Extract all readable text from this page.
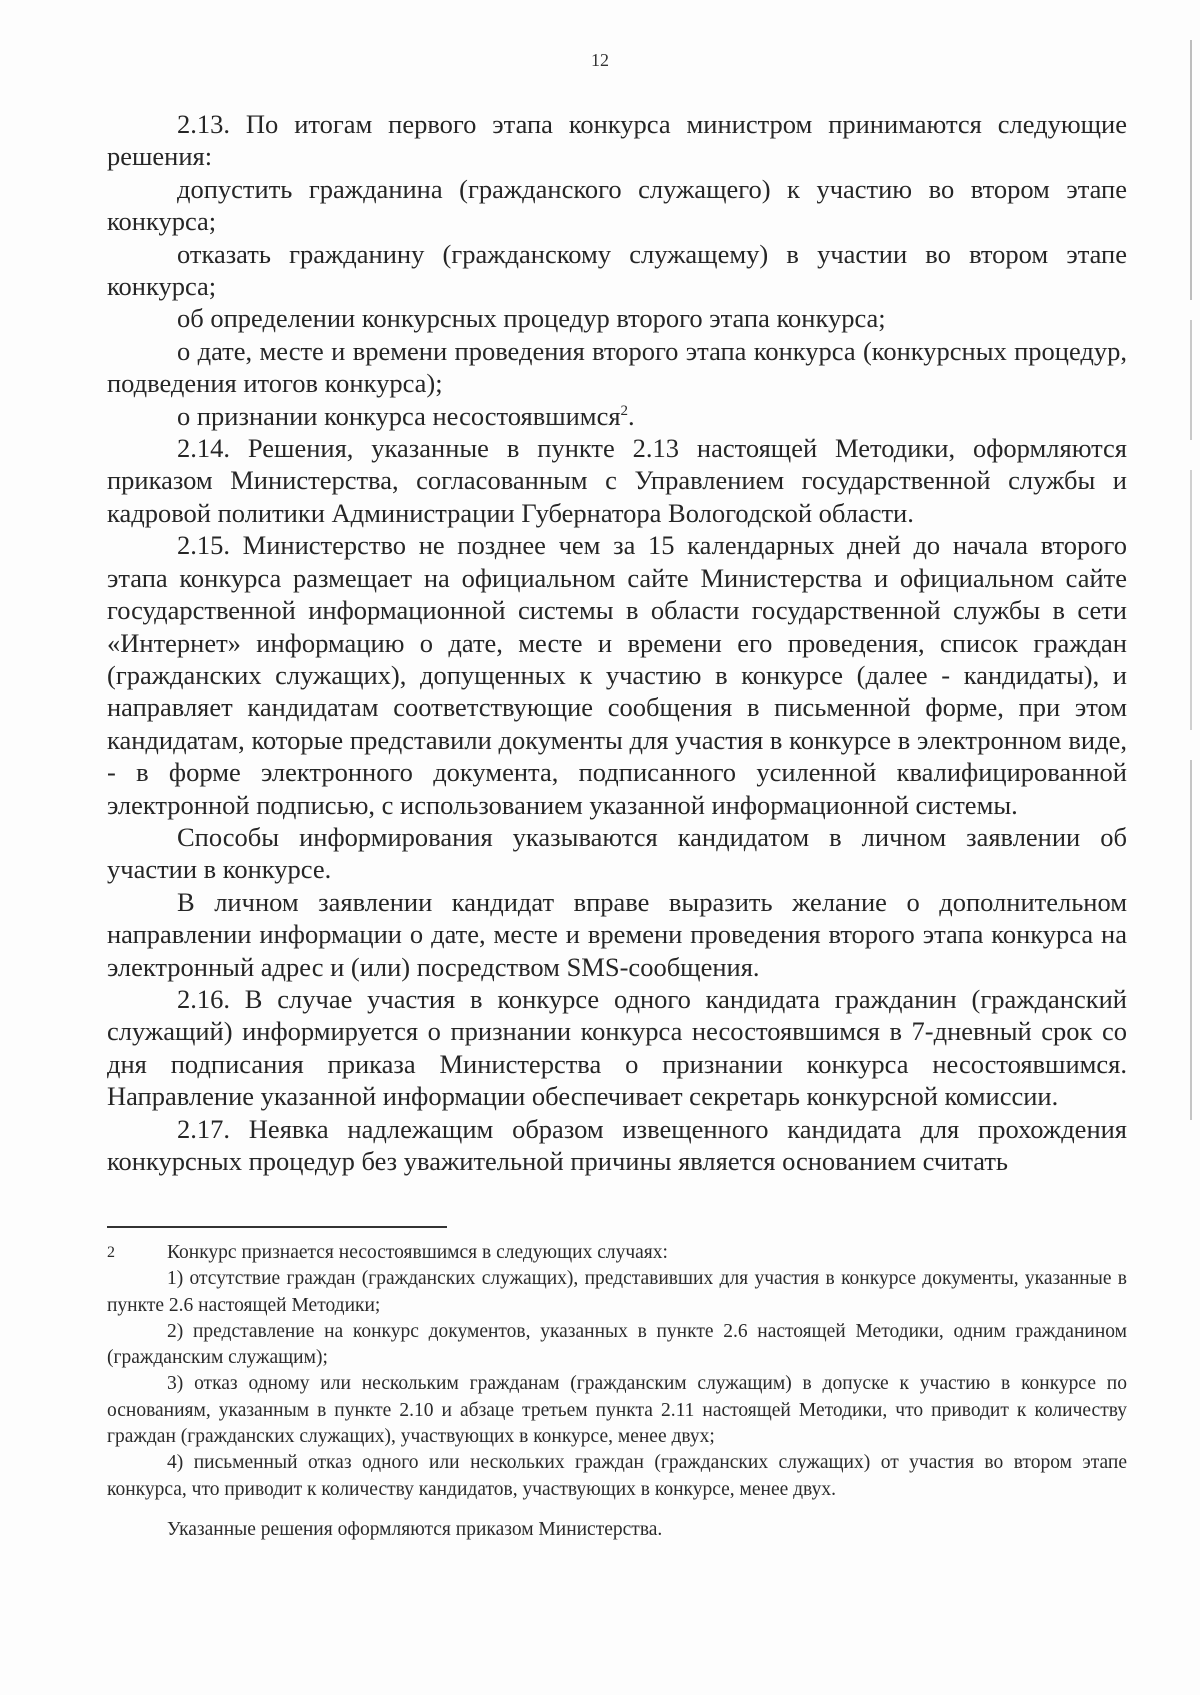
12

2.13. По итогам первого этапа конкурса министром принимаются следующие решения:

допустить гражданина (гражданского служащего) к участию во втором этапе конкурса;

отказать гражданину (гражданскому служащему) в участии во втором этапе конкурса;

об определении конкурсных процедур второго этапа конкурса;

о дате, месте и времени проведения второго этапа конкурса (конкурсных процедур, подведения итогов конкурса);

о признании конкурса несостоявшимся$^2$.

2.14. Решения, указанные в пункте 2.13 настоящей Методики, оформляются приказом Министерства, согласованным с Управлением государственной службы и кадровой политики Администрации Губернатора Вологодской области.

2.15. Министерство не позднее чем за 15 календарных дней до начала второго этапа конкурса размещает на официальном сайте Министерства и официальном сайте государственной информационной системы в области государственной службы в сети «Интернет» информацию о дате, месте и времени его проведения, список граждан (гражданских служащих), допущенных к участию в конкурсе (далее - кандидаты), и направляет кандидатам соответствующие сообщения в письменной форме, при этом кандидатам, которые представили документы для участия в конкурсе в электронном виде, - в форме электронного документа, подписанного усиленной квалифицированной электронной подписью, с использованием указанной информационной системы.

Способы информирования указываются кандидатом в личном заявлении об участии в конкурсе.

В личном заявлении кандидат вправе выразить желание о дополнительном направлении информации о дате, месте и времени проведения второго этапа конкурса на электронный адрес и (или) посредством SMS-сообщения.

2.16. В случае участия в конкурсе одного кандидата гражданин (гражданский служащий) информируется о признании конкурса несостоявшимся в 7-дневный срок со дня подписания приказа Министерства о признании конкурса несостоявшимся. Направление указанной информации обеспечивает секретарь конкурсной комиссии.

2.17. Неявка надлежащим образом извещенного кандидата для прохождения конкурсных процедур без уважительной причины является основанием считать

2	Конкурс признается несостоявшимся в следующих случаях:

1) отсутствие граждан (гражданских служащих), представивших для участия в конкурсе документы, указанные в пункте 2.6 настоящей Методики;

2) представление на конкурс документов, указанных в пункте 2.6 настоящей Методики, одним гражданином (гражданским служащим);

3) отказ одному или нескольким гражданам (гражданским служащим) в допуске к участию в конкурсе по основаниям, указанным в пункте 2.10 и абзаце третьем пункта 2.11 настоящей Методики, что приводит к количеству граждан (гражданских служащих), участвующих в конкурсе, менее двух;

4) письменный отказ одного или нескольких граждан (гражданских служащих) от участия во втором этапе конкурса, что приводит к количеству кандидатов, участвующих в конкурсе, менее двух.

Указанные решения оформляются приказом Министерства.
